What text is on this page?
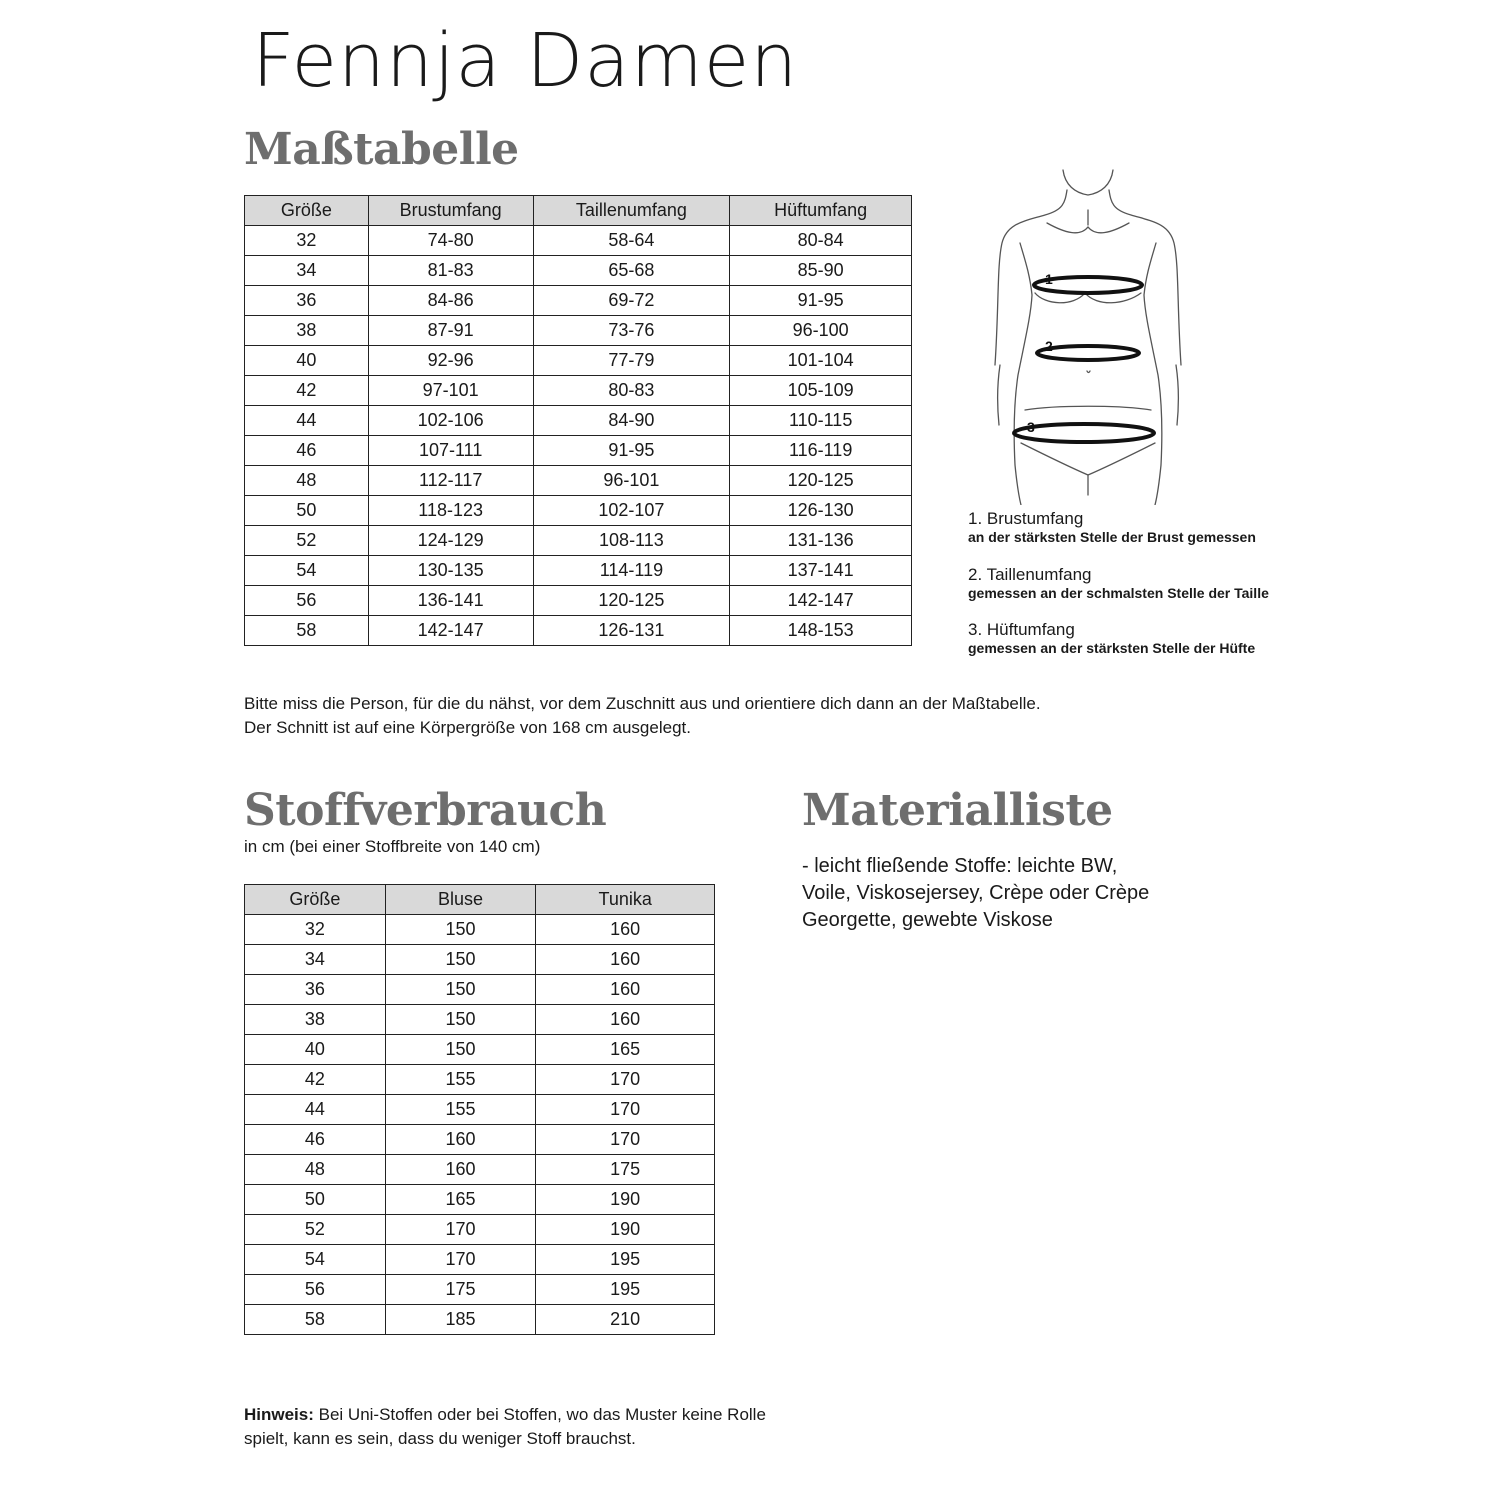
Fennja Damen
Maßtabelle
Größe	Brustumfang	Taillenumfang	Hüftumfang
32	74-80	58-64	80-84
34	81-83	65-68	85-90
36	84-86	69-72	91-95
38	87-91	73-76	96-100
40	92-96	77-79	101-104
42	97-101	80-83	105-109
44	102-106	84-90	110-115
46	107-111	91-95	116-119
48	112-117	96-101	120-125
50	118-123	102-107	126-130
52	124-129	108-113	131-136
54	130-135	114-119	137-141
56	136-141	120-125	142-147
58	142-147	126-131	148-153
1
2
3
1. Brustumfang
an der stärksten Stelle der Brust gemessen
2. Taillenumfang
gemessen an der schmalsten Stelle der Taille
3. Hüftumfang
gemessen an der stärksten Stelle der Hüfte
Bitte miss die Person, für die du nähst, vor dem Zuschnitt aus und orientiere dich dann an der Maßtabelle.
Der Schnitt ist auf eine Körpergröße von 168 cm ausgelegt.
Stoffverbrauch
in cm (bei einer Stoffbreite von 140 cm)
Größe	Bluse	Tunika
32	150	160
34	150	160
36	150	160
38	150	160
40	150	165
42	155	170
44	155	170
46	160	170
48	160	175
50	165	190
52	170	190
54	170	195
56	175	195
58	185	210
Materialliste
- leicht fließende Stoffe: leichte BW,
Voile, Viskosejersey, Crèpe oder Crèpe
Georgette, gewebte Viskose
Hinweis: Bei Uni-Stoffen oder bei Stoffen, wo das Muster keine Rolle
spielt, kann es sein, dass du weniger Stoff brauchst.
